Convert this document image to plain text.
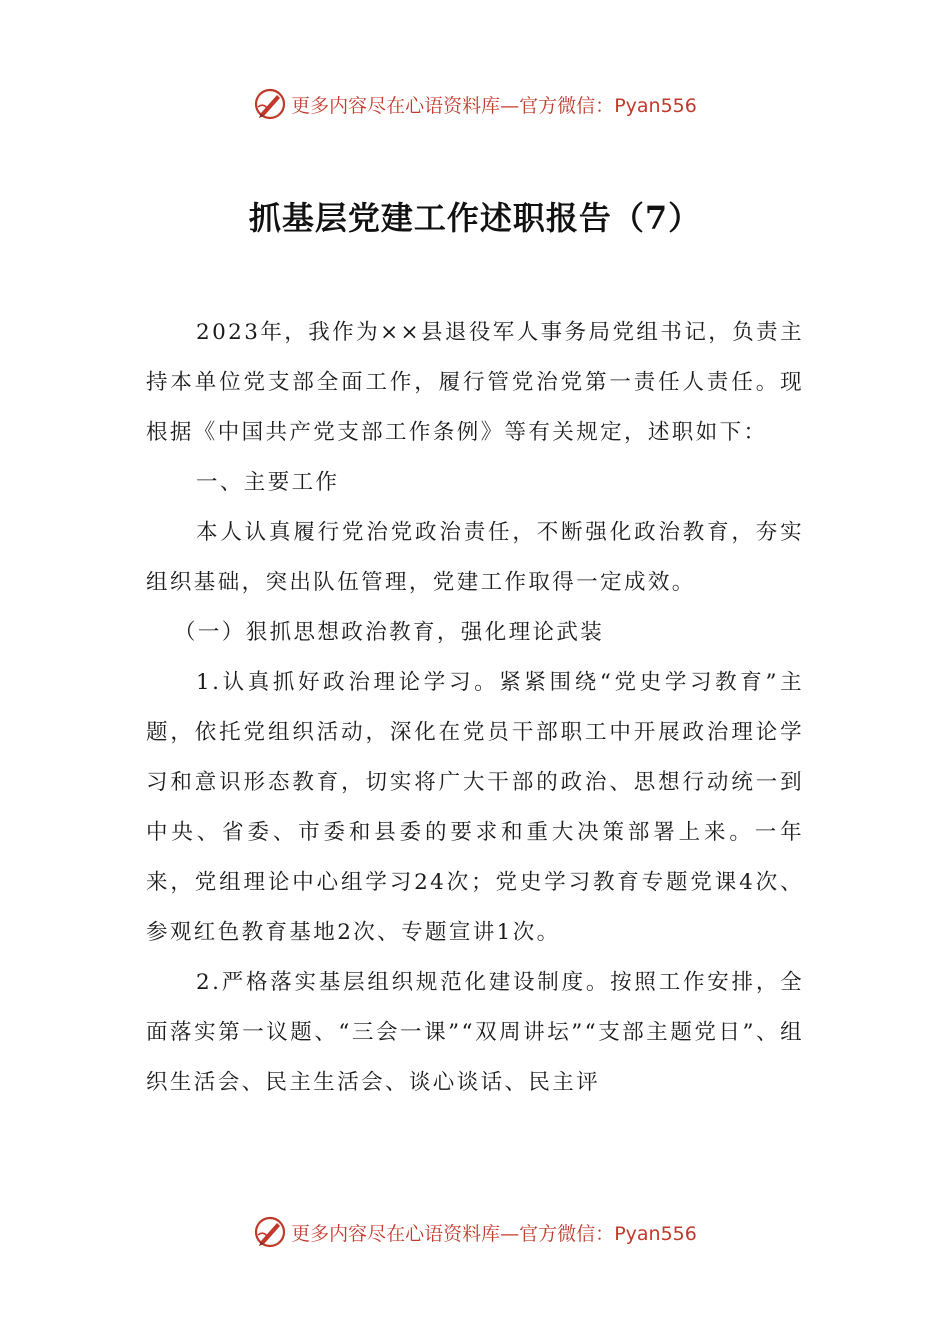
更多内容尽在心语资料库—官方微信：Pyan556
抓基层党建工作述职报告（7）

2023年，我作为××县退役军人事务局党组书记，负责主持本单位党支部全面工作，履行管党治党第一责任人责任。现根据《中国共产党支部工作条例》等有关规定，述职如下：

一、主要工作

本人认真履行党治党政治责任，不断强化政治教育，夯实组织基础，突出队伍管理，党建工作取得一定成效。

（一）狠抓思想政治教育，强化理论武装

1.认真抓好政治理论学习。紧紧围绕“党史学习教育”主题，依托党组织活动，深化在党员干部职工中开展政治理论学习和意识形态教育，切实将广大干部的政治、思想行动统一到中央、省委、市委和县委的要求和重大决策部署上来。一年来，党组理论中心组学习24次；党史学习教育专题党课4次、参观红色教育基地2次、专题宣讲1次。

2.严格落实基层组织规范化建设制度。按照工作安排，全面落实第一议题、“三会一课”“双周讲坛”“支部主题党日”、组织生活会、民主生活会、谈心谈话、民主评

更多内容尽在心语资料库—官方微信：Pyan556
